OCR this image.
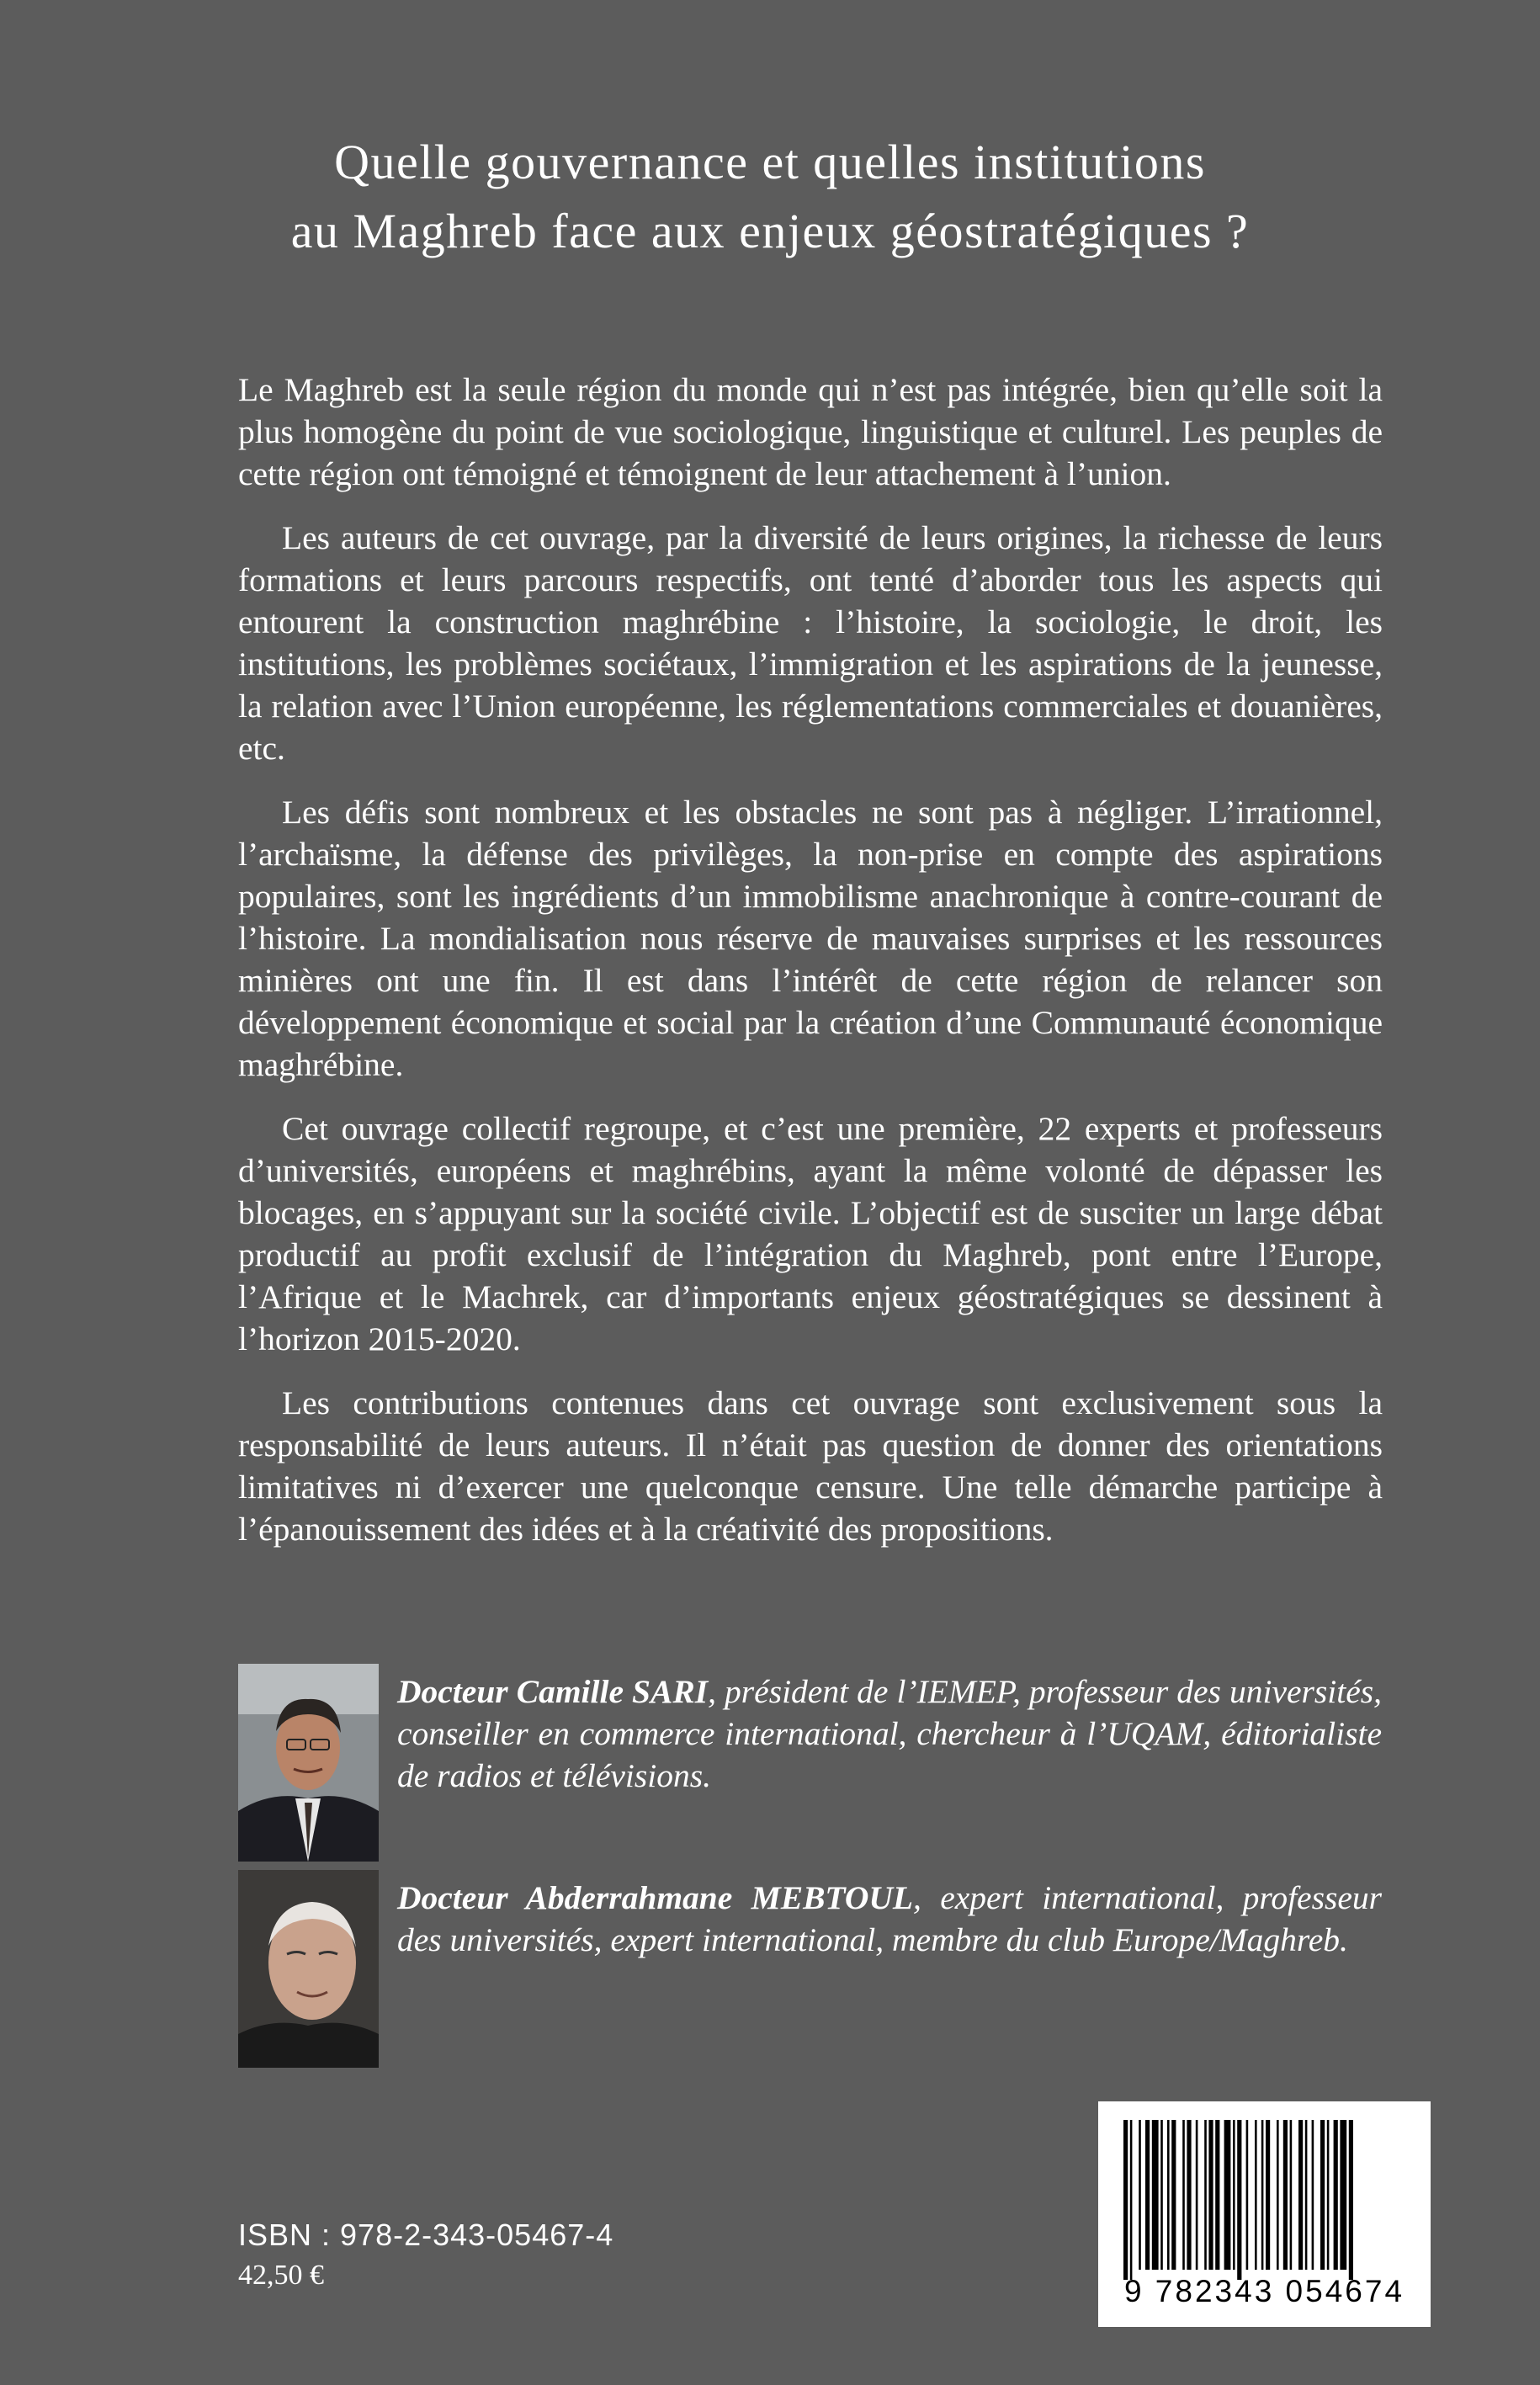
Quelle gouvernance et quelles institutions
au Maghreb face aux enjeux géostratégiques ?

Le Maghreb est la seule région du monde qui n’est pas intégrée, bien qu’elle soit la plus homogène du point de vue sociologique, linguistique et culturel. Les peuples de cette région ont témoigné et témoignent de leur attachement à l’union.

Les auteurs de cet ouvrage, par la diversité de leurs origines, la richesse de leurs formations et leurs parcours respectifs, ont tenté d’aborder tous les aspects qui entourent la construction maghrébine : l’histoire, la sociologie, le droit, les institutions, les problèmes sociétaux, l’immigration et les aspirations de la jeunesse, la relation avec l’Union européenne, les réglementations commerciales et douanières, etc.

Les défis sont nombreux et les obstacles ne sont pas à négliger. L’irrationnel, l’archaïsme, la défense des privilèges, la non-prise en compte des aspirations populaires, sont les ingrédients d’un immobilisme anachronique à contre-courant de l’histoire. La mondialisation nous réserve de mauvaises surprises et les ressources minières ont une fin. Il est dans l’intérêt de cette région de relancer son développement économique et social par la création d’une Communauté économique maghrébine.

Cet ouvrage collectif regroupe, et c’est une première, 22 experts et professeurs d’universités, européens et maghrébins, ayant la même volonté de dépasser les blocages, en s’appuyant sur la société civile. L’objectif est de susciter un large débat productif au profit exclusif de l’intégration du Maghreb, pont entre l’Europe, l’Afrique et le Machrek, car d’importants enjeux géostratégiques se dessinent à l’horizon 2015-2020.

Les contributions contenues dans cet ouvrage sont exclusivement sous la responsabilité de leurs auteurs. Il n’était pas question de donner des orientations limitatives ni d’exercer une quelconque censure. Une telle démarche participe à l’épanouissement des idées et à la créativité des propositions.

Docteur Camille SARI, président de l’IEMEP, professeur des universités, conseiller en commerce international, chercheur à l’UQAM, éditorialiste de radios et télévisions.
Docteur Abderrahmane MEBTOUL, expert international, professeur des universités, expert international, membre du club Europe/Maghreb.
ISBN : 978-2-343-05467-4
42,50 €	9 782343 054674
